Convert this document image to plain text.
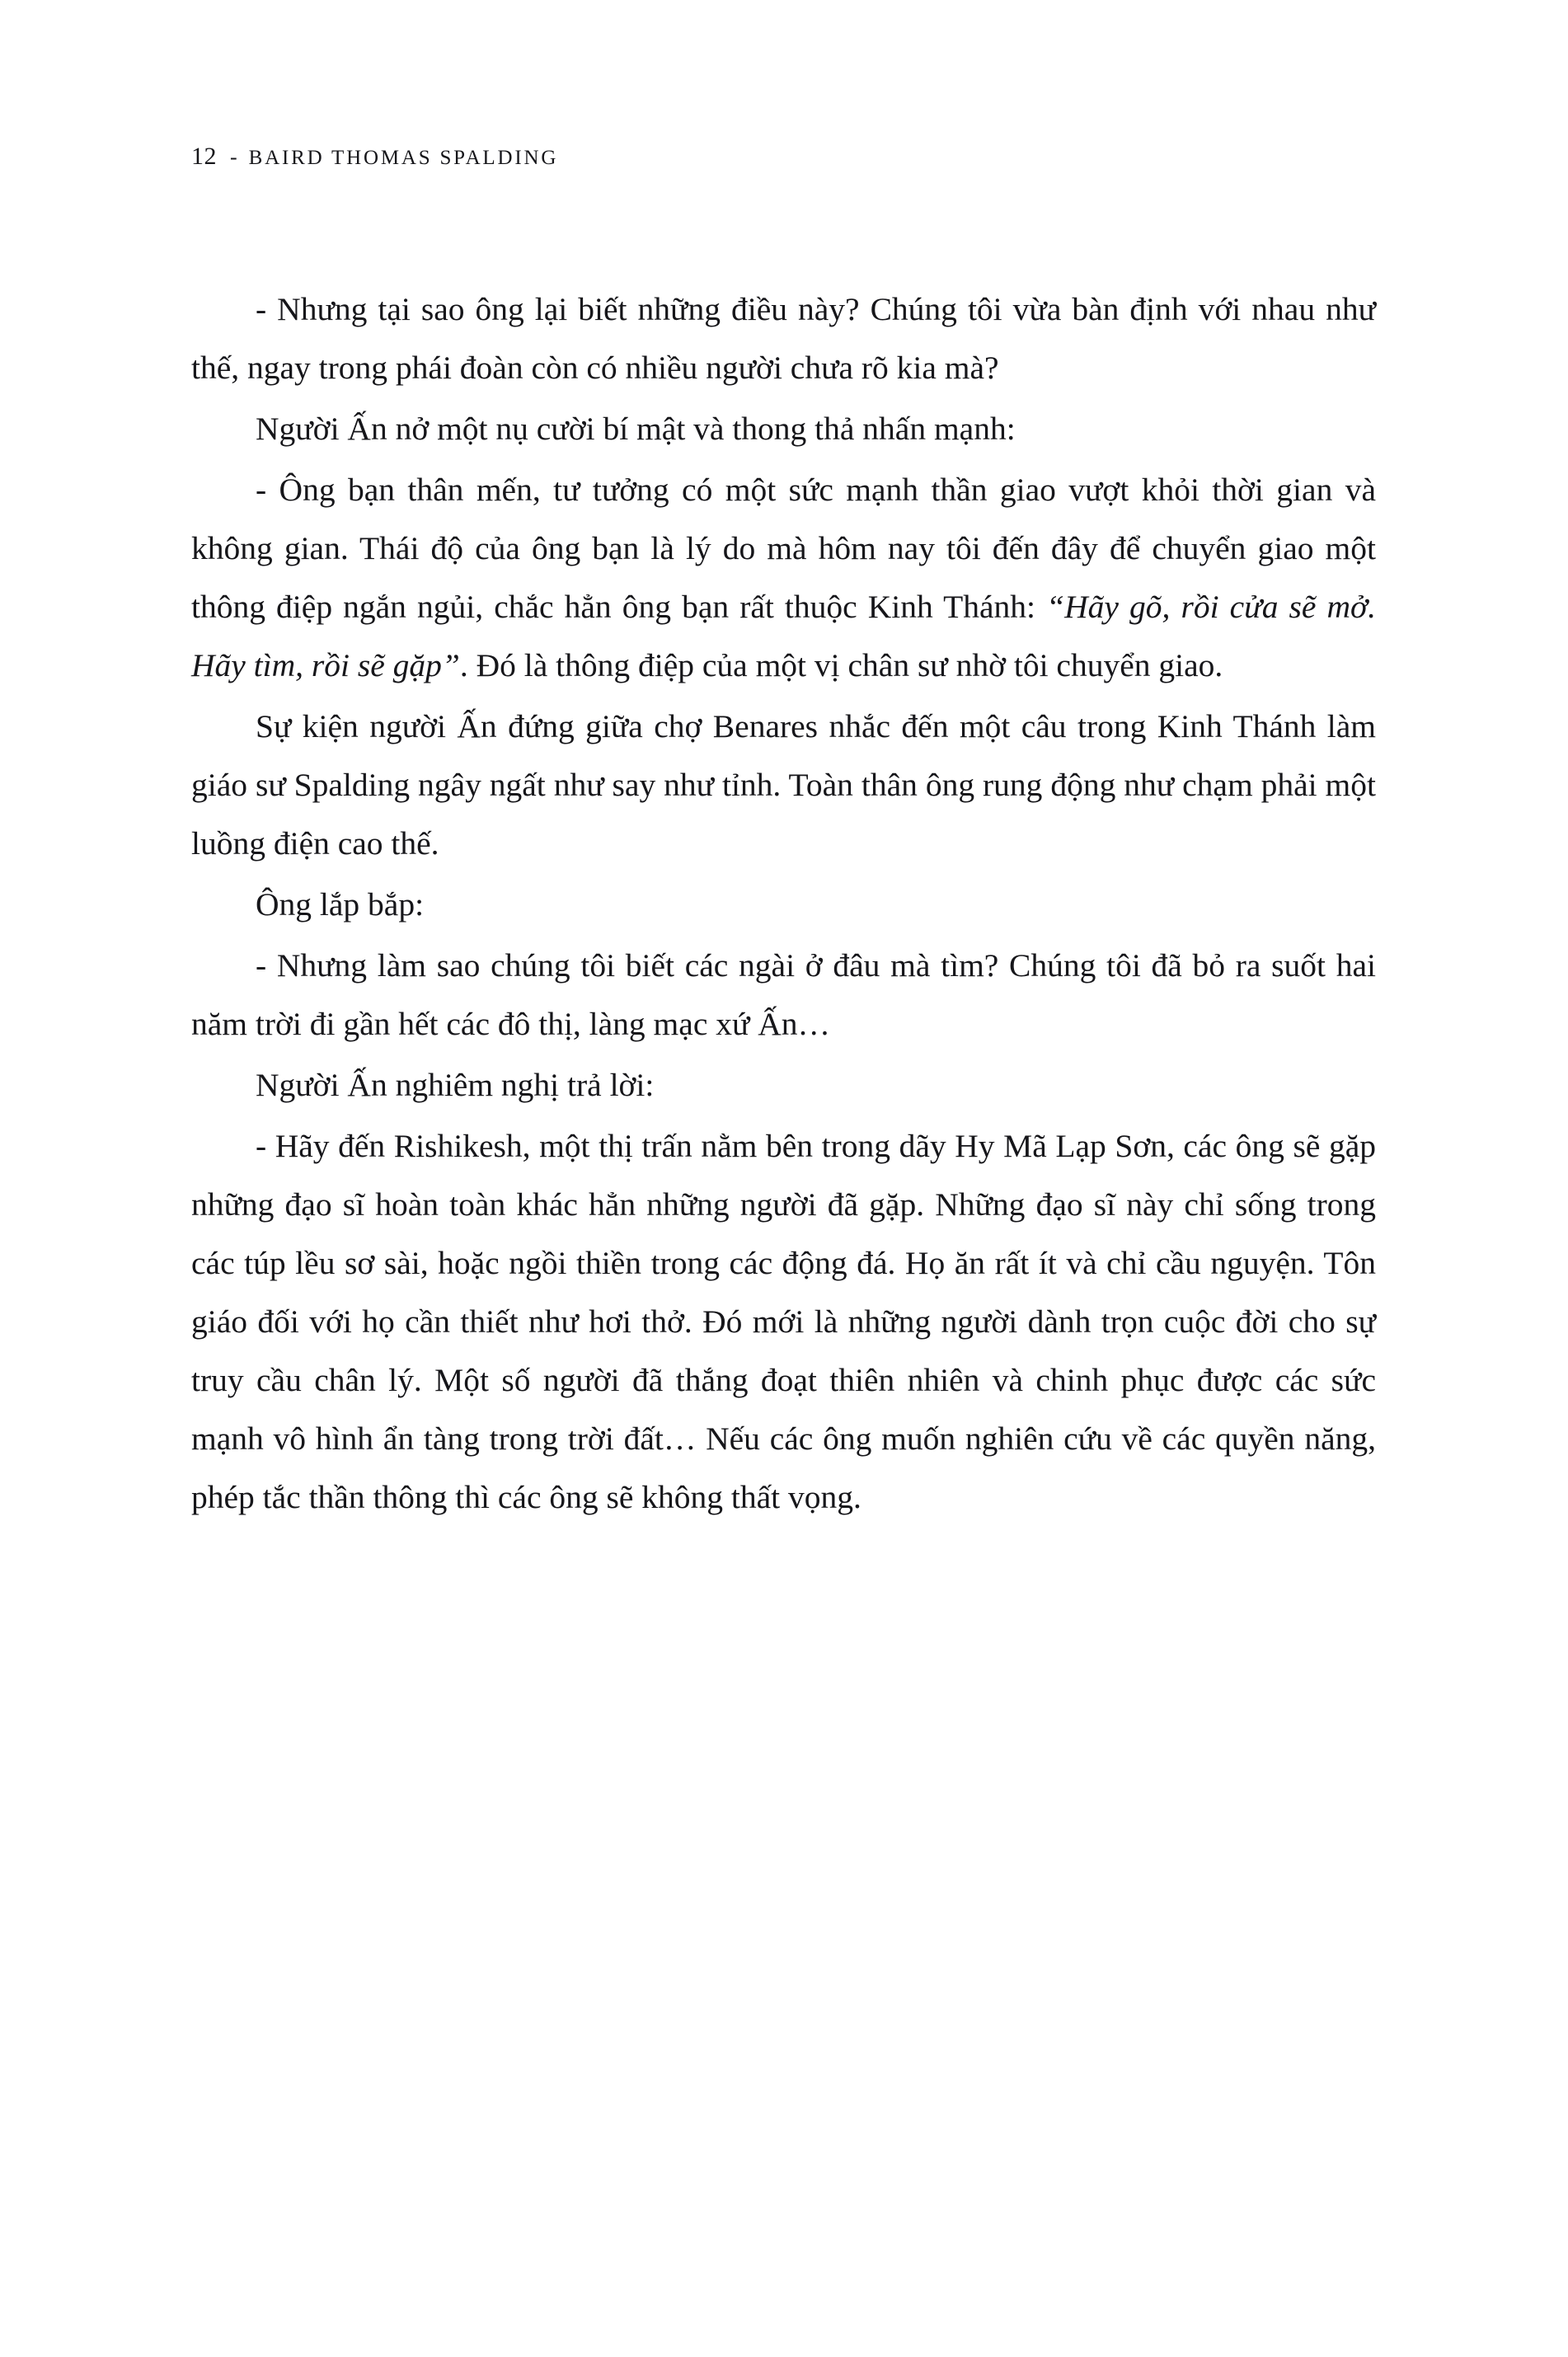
12 - BAIRD THOMAS SPALDING

- Nhưng tại sao ông lại biết những điều này? Chúng tôi vừa bàn định với nhau như thế, ngay trong phái đoàn còn có nhiều người chưa rõ kia mà?

Người Ấn nở một nụ cười bí mật và thong thả nhấn mạnh:

- Ông bạn thân mến, tư tưởng có một sức mạnh thần giao vượt khỏi thời gian và không gian. Thái độ của ông bạn là lý do mà hôm nay tôi đến đây để chuyển giao một thông điệp ngắn ngủi, chắc hẳn ông bạn rất thuộc Kinh Thánh: “Hãy gõ, rồi cửa sẽ mở. Hãy tìm, rồi sẽ gặp”. Đó là thông điệp của một vị chân sư nhờ tôi chuyển giao.

Sự kiện người Ấn đứng giữa chợ Benares nhắc đến một câu trong Kinh Thánh làm giáo sư Spalding ngây ngất như say như tỉnh. Toàn thân ông rung động như chạm phải một luồng điện cao thế.

Ông lắp bắp:

- Nhưng làm sao chúng tôi biết các ngài ở đâu mà tìm? Chúng tôi đã bỏ ra suốt hai năm trời đi gần hết các đô thị, làng mạc xứ Ấn…

Người Ấn nghiêm nghị trả lời:

- Hãy đến Rishikesh, một thị trấn nằm bên trong dãy Hy Mã Lạp Sơn, các ông sẽ gặp những đạo sĩ hoàn toàn khác hẳn những người đã gặp. Những đạo sĩ này chỉ sống trong các túp lều sơ sài, hoặc ngồi thiền trong các động đá. Họ ăn rất ít và chỉ cầu nguyện. Tôn giáo đối với họ cần thiết như hơi thở. Đó mới là những người dành trọn cuộc đời cho sự truy cầu chân lý. Một số người đã thắng đoạt thiên nhiên và chinh phục được các sức mạnh vô hình ẩn tàng trong trời đất… Nếu các ông muốn nghiên cứu về các quyền năng, phép tắc thần thông thì các ông sẽ không thất vọng.
